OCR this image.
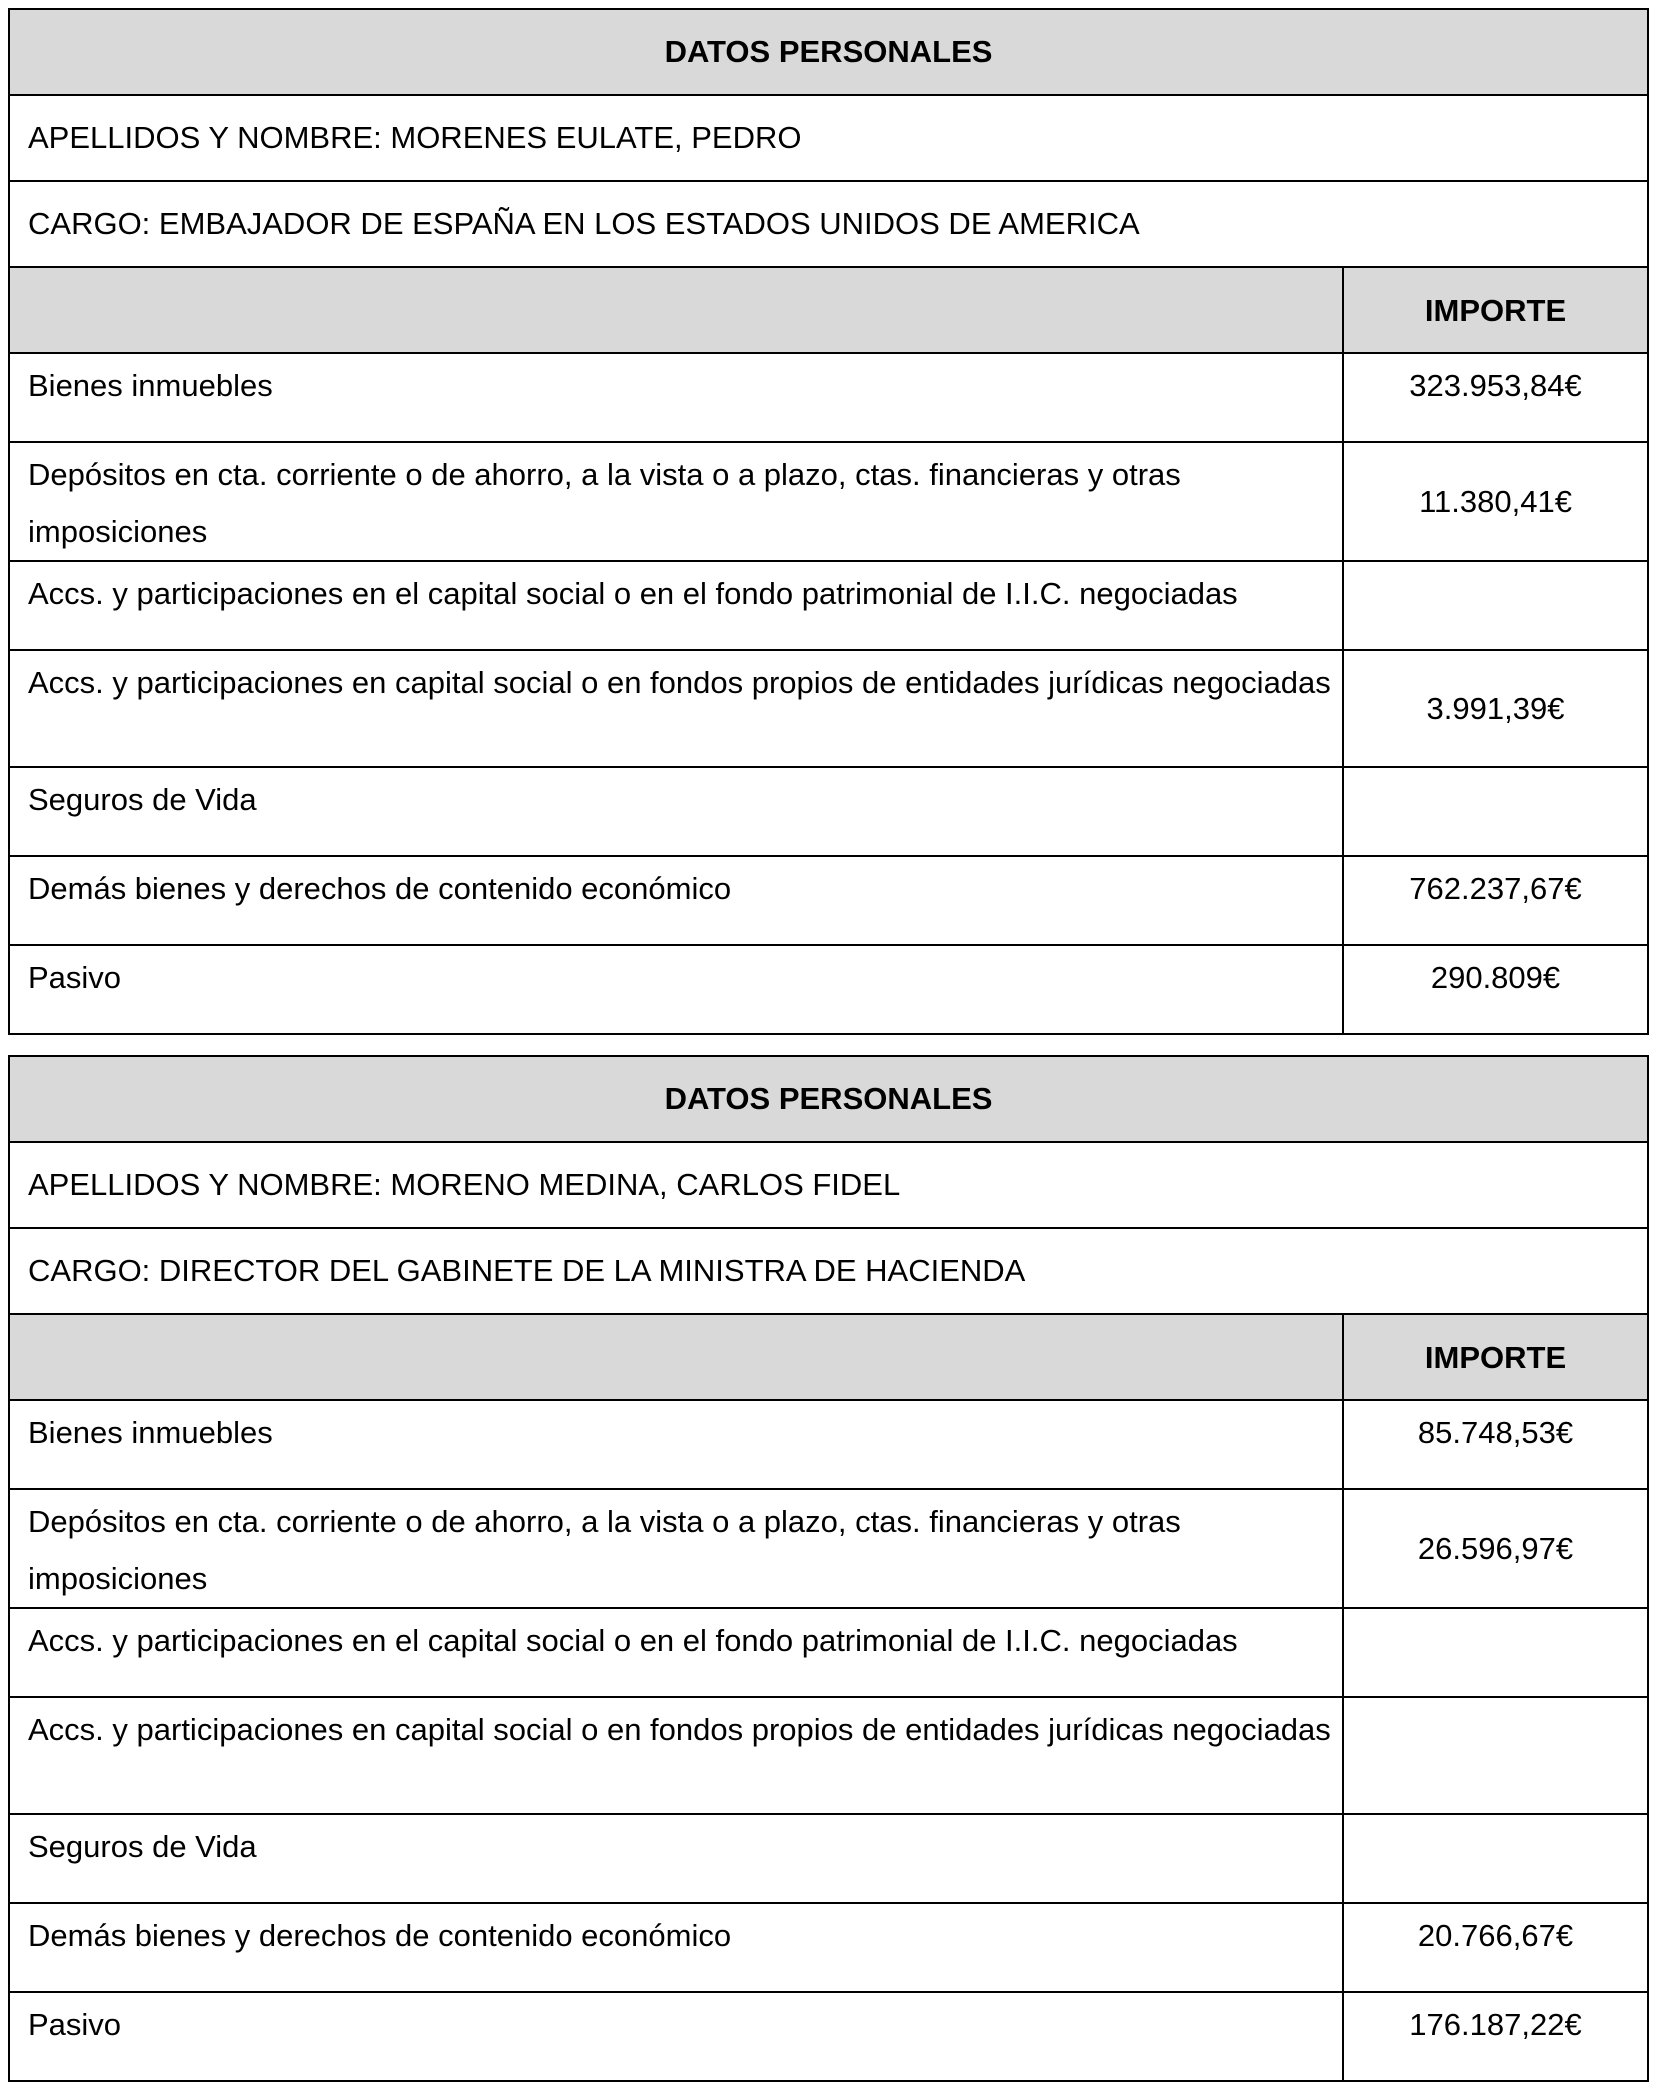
DATOS PERSONALES	
APELLIDOS Y NOMBRE: MORENES EULATE, PEDRO	
CARGO: EMBAJADOR DE ESPAÑA EN LOS ESTADOS UNIDOS DE AMERICA	
	IMPORTE
Bienes inmuebles	323.953,84€
Depósitos en cta. corriente o de ahorro, a la vista o a plazo, ctas. financieras y otras imposiciones	11.380,41€
Accs. y participaciones en el capital social o en el fondo patrimonial de I.I.C. negociadas	
Accs. y participaciones en capital social o en fondos propios de entidades jurídicas negociadas	3.991,39€
Seguros de Vida	
Demás bienes y derechos de contenido económico	762.237,67€
Pasivo	290.809€
DATOS PERSONALES	
APELLIDOS Y NOMBRE: MORENO MEDINA, CARLOS FIDEL	
CARGO: DIRECTOR DEL GABINETE DE LA MINISTRA DE HACIENDA	
	IMPORTE
Bienes inmuebles	85.748,53€
Depósitos en cta. corriente o de ahorro, a la vista o a plazo, ctas. financieras y otras imposiciones	26.596,97€
Accs. y participaciones en el capital social o en el fondo patrimonial de I.I.C. negociadas	
Accs. y participaciones en capital social o en fondos propios de entidades jurídicas negociadas	
Seguros de Vida	
Demás bienes y derechos de contenido económico	20.766,67€
Pasivo	176.187,22€
